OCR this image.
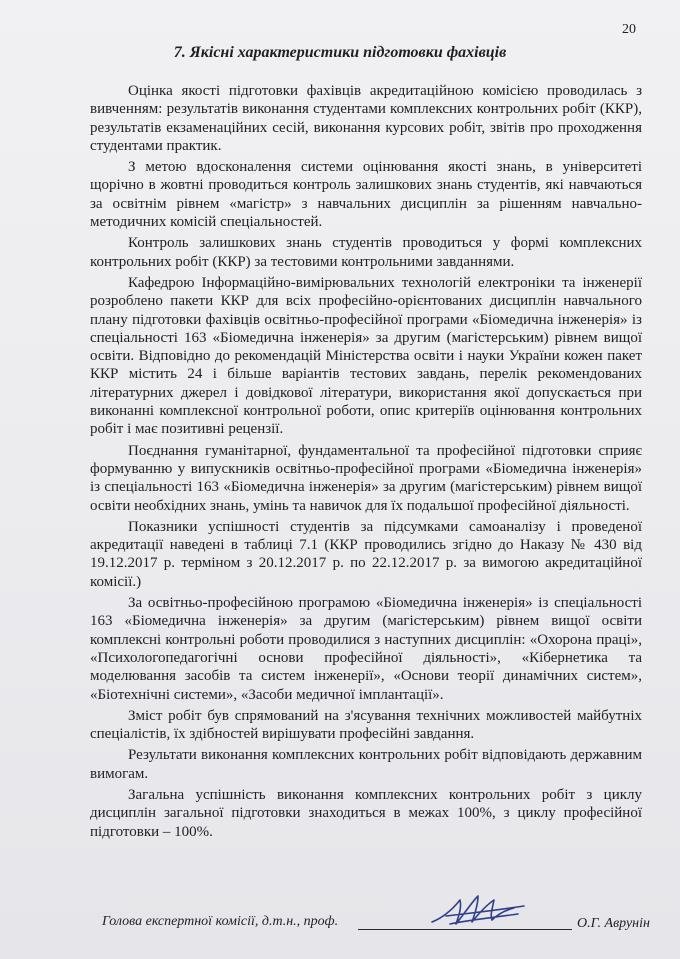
20
7. Якісні характеристики підготовки фахівців

Оцінка якості підготовки фахівців акредитаційною комісією проводилась з вивченням: результатів виконання студентами комплексних контрольних робіт (ККР), результатів екзаменаційних сесій, виконання курсових робіт, звітів про проходження студентами практик.

З метою вдосконалення системи оцінювання якості знань, в університеті щорічно в жовтні проводиться контроль залишкових знань студентів, які навчаються за освітнім рівнем «магістр» з навчальних дисциплін за рішенням навчально-методичних комісій спеціальностей.

Контроль залишкових знань студентів проводиться у формі комплексних контрольних робіт (ККР) за тестовими контрольними завданнями.

Кафедрою Інформаційно-вимірювальних технологій електроніки та інженерії розроблено пакети ККР для всіх професійно-орієнтованих дисциплін навчального плану підготовки фахівців освітньо-професійної програми «Біомедична інженерія» із спеціальності 163 «Біомедична інженерія» за другим (магістерським) рівнем вищої освіти. Відповідно до рекомендацій Міністерства освіти і науки України кожен пакет ККР містить 24 і більше варіантів тестових завдань, перелік рекомендованих літературних джерел і довідкової літератури, використання якої допускається при виконанні комплексної контрольної роботи, опис критеріїв оцінювання контрольних робіт і має позитивні рецензії.

Поєднання гуманітарної, фундаментальної та професійної підготовки сприяє формуванню у випускників освітньо-професійної програми «Біомедична інженерія» із спеціальності 163 «Біомедична інженерія» за другим (магістерським) рівнем вищої освіти необхідних знань, умінь та навичок для їх подальшої професійної діяльності.

Показники успішності студентів за підсумками самоаналізу і проведеної акредитації наведені в таблиці 7.1 (ККР проводились згідно до Наказу № 430 від 19.12.2017 р. терміном з 20.12.2017 р. по 22.12.2017 р. за вимогою акредитаційної комісії.)

За освітньо-професійною програмою «Біомедична інженерія» із спеціальності 163 «Біомедична інженерія» за другим (магістерським) рівнем вищої освіти комплексні контрольні роботи проводилися з наступних дисциплін: «Охорона праці», «Психологопедагогічні основи професійної діяльності», «Кібернетика та моделювання засобів та систем інженерії», «Основи теорії динамічних систем», «Біотехнічні системи», «Засоби медичної імплантації».

Зміст робіт був спрямований на з'ясування технічних можливостей майбутніх спеціалістів, їх здібностей вирішувати професійні завдання.

Результати виконання комплексних контрольних робіт відповідають державним вимогам.

Загальна успішність виконання комплексних контрольних робіт з циклу дисциплін загальної підготовки знаходиться в межах 100%, з циклу професійної підготовки – 100%.

Голова експертної комісії, д.т.н., проф.	О.Г. Аврунін
